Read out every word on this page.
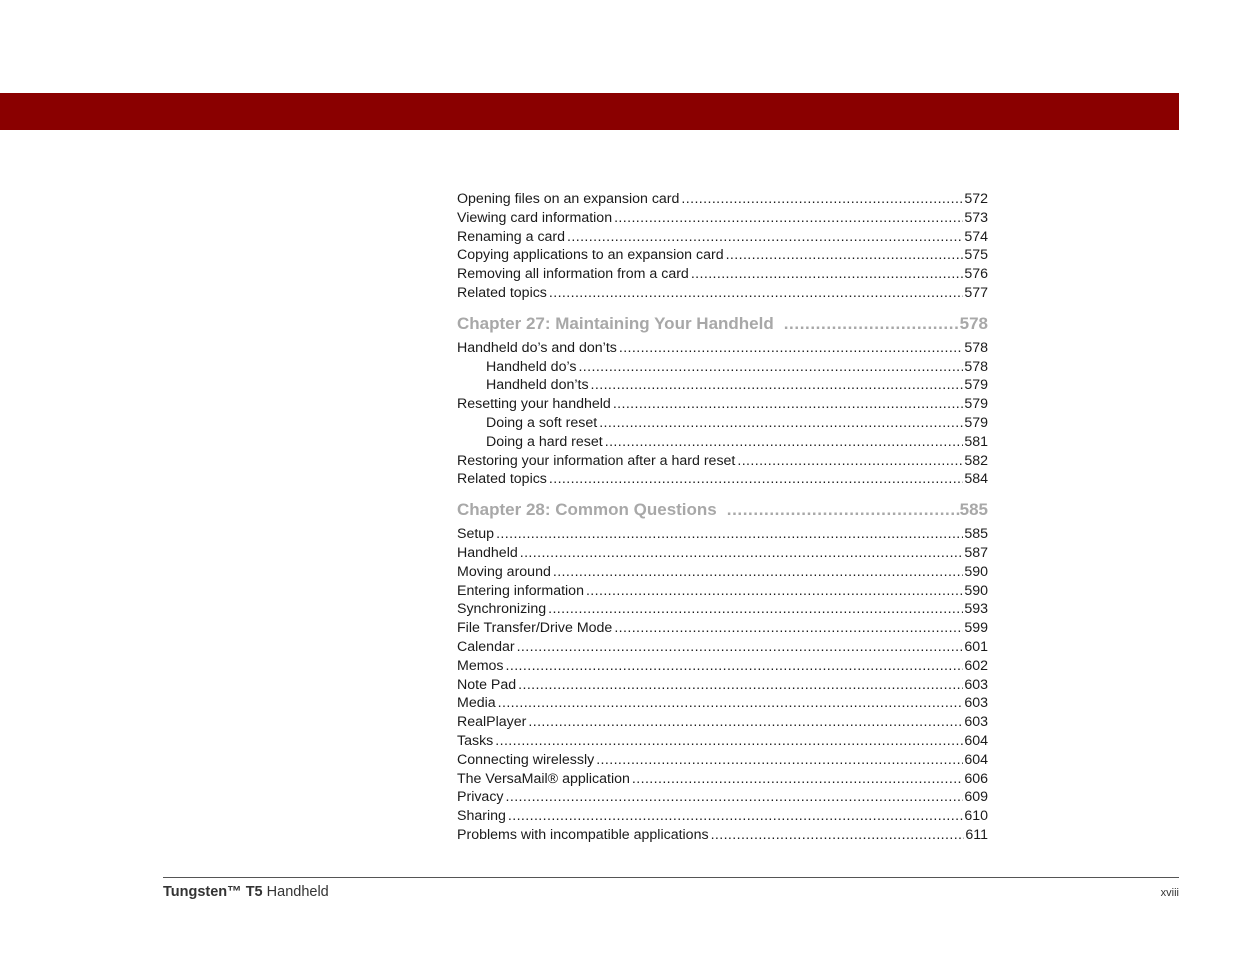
Opening files on an expansion card .....	572
Viewing card information .....	573
Renaming a card .....	574
Copying applications to an expansion card .....	575
Removing all information from a card .....	576
Related topics .....	577
Chapter 27: Maintaining Your Handheld .....	578
Handheld do’s and don’ts .....	578
Handheld do’s .....	578
Handheld don’ts .....	579
Resetting your handheld .....	579
Doing a soft reset .....	579
Doing a hard reset .....	581
Restoring your information after a hard reset .....	582
Related topics .....	584
Chapter 28: Common Questions .....	585
Setup .....	585
Handheld .....	587
Moving around .....	590
Entering information .....	590
Synchronizing .....	593
File Transfer/Drive Mode .....	599
Calendar .....	601
Memos .....	602
Note Pad .....	603
Media .....	603
RealPlayer .....	603
Tasks .....	604
Connecting wirelessly .....	604
The VersaMail® application .....	606
Privacy .....	609
Sharing .....	610
Problems with incompatible applications .....	611
Tungsten™ T5 Handheld	xviii
